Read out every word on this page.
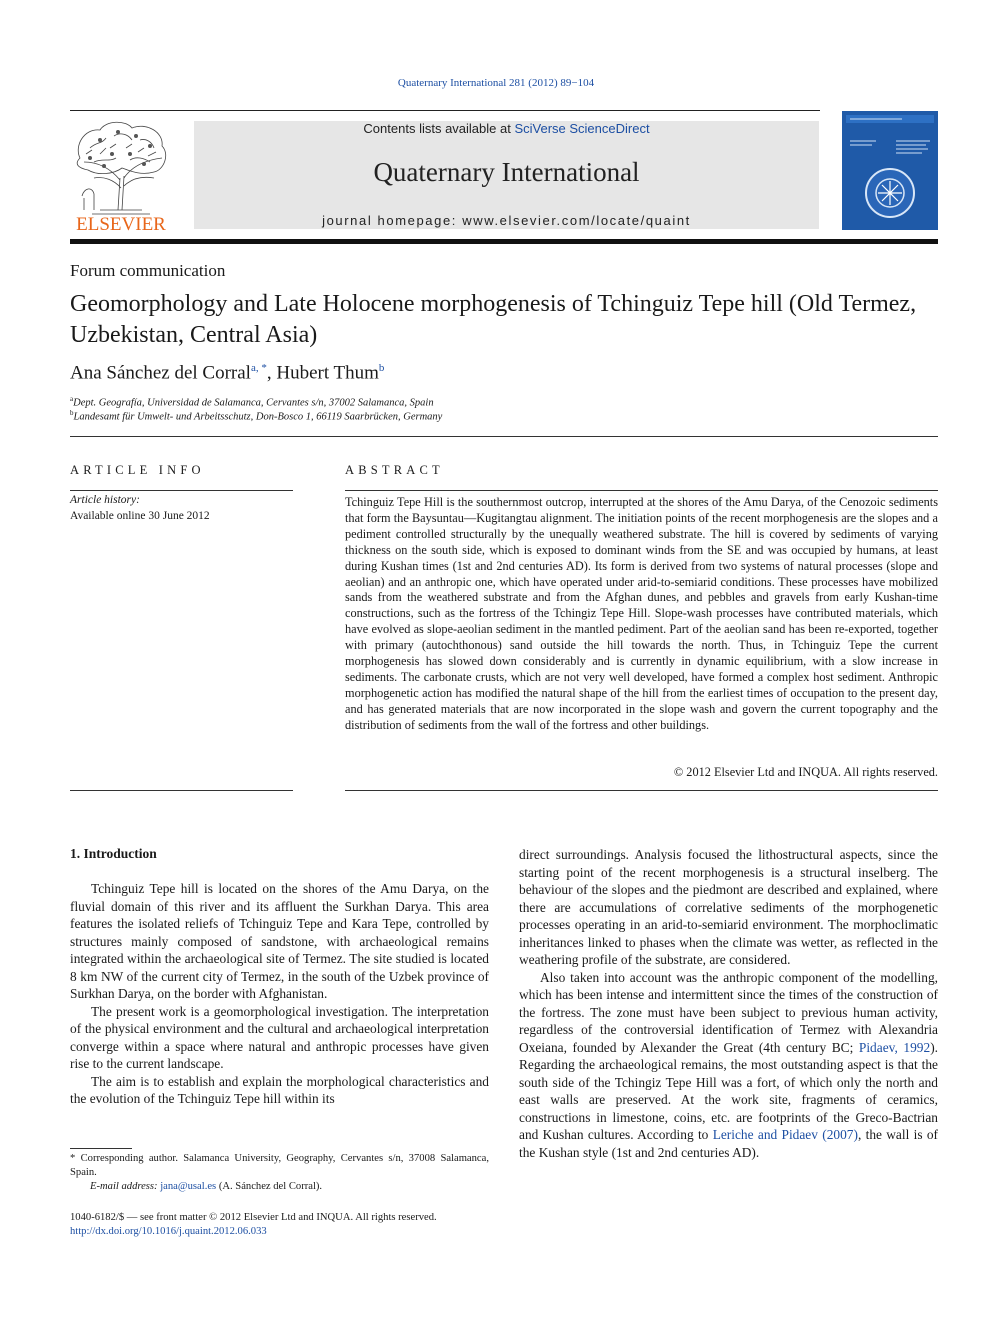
Quaternary International 281 (2012) 89−104
ELSEVIER
Contents lists available at SciVerse ScienceDirect
Quaternary International
journal homepage: www.elsevier.com/locate/quaint
Forum communication
Geomorphology and Late Holocene morphogenesis of Tchinguiz Tepe hill (Old Termez, Uzbekistan, Central Asia)
Ana Sánchez del Corral$^{a, *}$, Hubert Thum$^b$
$^a$Dept. Geografía, Universidad de Salamanca, Cervantes s/n, 37002 Salamanca, Spain
$^b$Landesamt für Umwelt- und Arbeitsschutz, Don-Bosco 1, 66119 Saarbrücken, Germany
ARTICLE INFO	ABSTRACT
Article history:
Available online 30 June 2012
Tchinguiz Tepe Hill is the southernmost outcrop, interrupted at the shores of the Amu Darya, of the Cenozoic sediments that form the Baysuntau—Kugitangtau alignment. The initiation points of the recent morphogenesis are the slopes and a pediment controlled structurally by the unequally weathered substrate. The hill is covered by sediments of varying thickness on the south side, which is exposed to dominant winds from the SE and was occupied by humans, at least during Kushan times (1st and 2nd centuries AD). Its form is derived from two systems of natural processes (slope and aeolian) and an anthropic one, which have operated under arid-to-semiarid conditions. These processes have mobilized sands from the weathered substrate and from the Afghan dunes, and pebbles and gravels from early Kushan-time constructions, such as the fortress of the Tchingiz Tepe Hill. Slope-wash processes have contributed materials, which have evolved as slope-aeolian sediment in the mantled pediment. Part of the aeolian sand has been re-exported, together with primary (autochthonous) sand outside the hill towards the north. Thus, in Tchinguiz Tepe the current morphogenesis has slowed down considerably and is currently in dynamic equilibrium, with a slow increase in sediments. The carbonate crusts, which are not very well developed, have formed a complex host sediment. Anthropic morphogenetic action has modified the natural shape of the hill from the earliest times of occupation to the present day, and has generated materials that are now incorporated in the slope wash and govern the current topography and the distribution of sediments from the wall of the fortress and other buildings.
© 2012 Elsevier Ltd and INQUA. All rights reserved.
1. Introduction

Tchinguiz Tepe hill is located on the shores of the Amu Darya, on the fluvial domain of this river and its affluent the Surkhan Darya. This area features the isolated reliefs of Tchinguiz Tepe and Kara Tepe, controlled by structures mainly composed of sandstone, with archaeological remains integrated within the archaeological site of Termez. The site studied is located 8 km NW of the current city of Termez, in the south of the Uzbek province of Surkhan Darya, on the border with Afghanistan.

The present work is a geomorphological investigation. The interpretation of the physical environment and the cultural and archaeological interpretation converge within a space where natural and anthropic processes have given rise to the current landscape.

The aim is to establish and explain the morphological characteristics and the evolution of the Tchinguiz Tepe hill within its

direct surroundings. Analysis focused the lithostructural aspects, since the starting point of the recent morphogenesis is a structural inselberg. The behaviour of the slopes and the piedmont are described and explained, where there are accumulations of correlative sediments of the morphogenetic processes operating in an arid-to-semiarid environment. The morphoclimatic inheritances linked to phases when the climate was wetter, as reflected in the weathering profile of the substrate, are considered.

Also taken into account was the anthropic component of the modelling, which has been intense and intermittent since the times of the construction of the fortress. The zone must have been subject to previous human activity, regardless of the controversial identification of Termez with Alexandria Oxeiana, founded by Alexander the Great (4th century BC; Pidaev, 1992). Regarding the archaeological remains, the most outstanding aspect is that the south side of the Tchingiz Tepe Hill was a fort, of which only the north and east walls are preserved. At the work site, fragments of ceramics, constructions in limestone, coins, etc. are footprints of the Greco-Bactrian and Kushan cultures. According to Leriche and Pidaev (2007), the wall is of the Kushan style (1st and 2nd centuries AD).

* Corresponding author. Salamanca University, Geography, Cervantes s/n, 37008 Salamanca, Spain.
E-mail address: jana@usal.es (A. Sánchez del Corral).
1040-6182/$ — see front matter © 2012 Elsevier Ltd and INQUA. All rights reserved.
http://dx.doi.org/10.1016/j.quaint.2012.06.033
